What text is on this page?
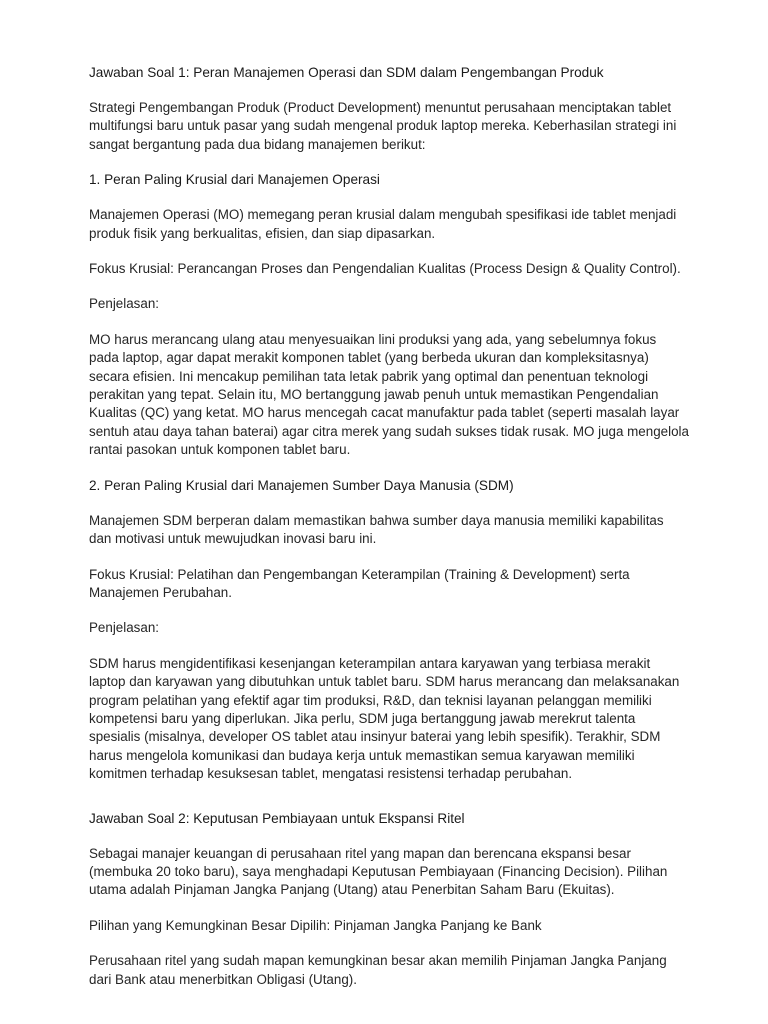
Jawaban Soal 1: Peran Manajemen Operasi dan SDM dalam Pengembangan Produk

Strategi Pengembangan Produk (Product Development) menuntut perusahaan menciptakan tablet multifungsi baru untuk pasar yang sudah mengenal produk laptop mereka. Keberhasilan strategi ini sangat bergantung pada dua bidang manajemen berikut:

1. Peran Paling Krusial dari Manajemen Operasi

Manajemen Operasi (MO) memegang peran krusial dalam mengubah spesifikasi ide tablet menjadi produk fisik yang berkualitas, efisien, dan siap dipasarkan.

Fokus Krusial: Perancangan Proses dan Pengendalian Kualitas (Process Design & Quality Control).

Penjelasan:

MO harus merancang ulang atau menyesuaikan lini produksi yang ada, yang sebelumnya fokus pada laptop, agar dapat merakit komponen tablet (yang berbeda ukuran dan kompleksitasnya) secara efisien. Ini mencakup pemilihan tata letak pabrik yang optimal dan penentuan teknologi perakitan yang tepat. Selain itu, MO bertanggung jawab penuh untuk memastikan Pengendalian Kualitas (QC) yang ketat. MO harus mencegah cacat manufaktur pada tablet (seperti masalah layar sentuh atau daya tahan baterai) agar citra merek yang sudah sukses tidak rusak. MO juga mengelola rantai pasokan untuk komponen tablet baru.

2. Peran Paling Krusial dari Manajemen Sumber Daya Manusia (SDM)

Manajemen SDM berperan dalam memastikan bahwa sumber daya manusia memiliki kapabilitas dan motivasi untuk mewujudkan inovasi baru ini.

Fokus Krusial: Pelatihan dan Pengembangan Keterampilan (Training & Development) serta Manajemen Perubahan.

Penjelasan:

SDM harus mengidentifikasi kesenjangan keterampilan antara karyawan yang terbiasa merakit laptop dan karyawan yang dibutuhkan untuk tablet baru. SDM harus merancang dan melaksanakan program pelatihan yang efektif agar tim produksi, R&D, dan teknisi layanan pelanggan memiliki kompetensi baru yang diperlukan. Jika perlu, SDM juga bertanggung jawab merekrut talenta spesialis (misalnya, developer OS tablet atau insinyur baterai yang lebih spesifik). Terakhir, SDM harus mengelola komunikasi dan budaya kerja untuk memastikan semua karyawan memiliki komitmen terhadap kesuksesan tablet, mengatasi resistensi terhadap perubahan.

Jawaban Soal 2: Keputusan Pembiayaan untuk Ekspansi Ritel

Sebagai manajer keuangan di perusahaan ritel yang mapan dan berencana ekspansi besar (membuka 20 toko baru), saya menghadapi Keputusan Pembiayaan (Financing Decision). Pilihan utama adalah Pinjaman Jangka Panjang (Utang) atau Penerbitan Saham Baru (Ekuitas).

Pilihan yang Kemungkinan Besar Dipilih: Pinjaman Jangka Panjang ke Bank

Perusahaan ritel yang sudah mapan kemungkinan besar akan memilih Pinjaman Jangka Panjang dari Bank atau menerbitkan Obligasi (Utang).
